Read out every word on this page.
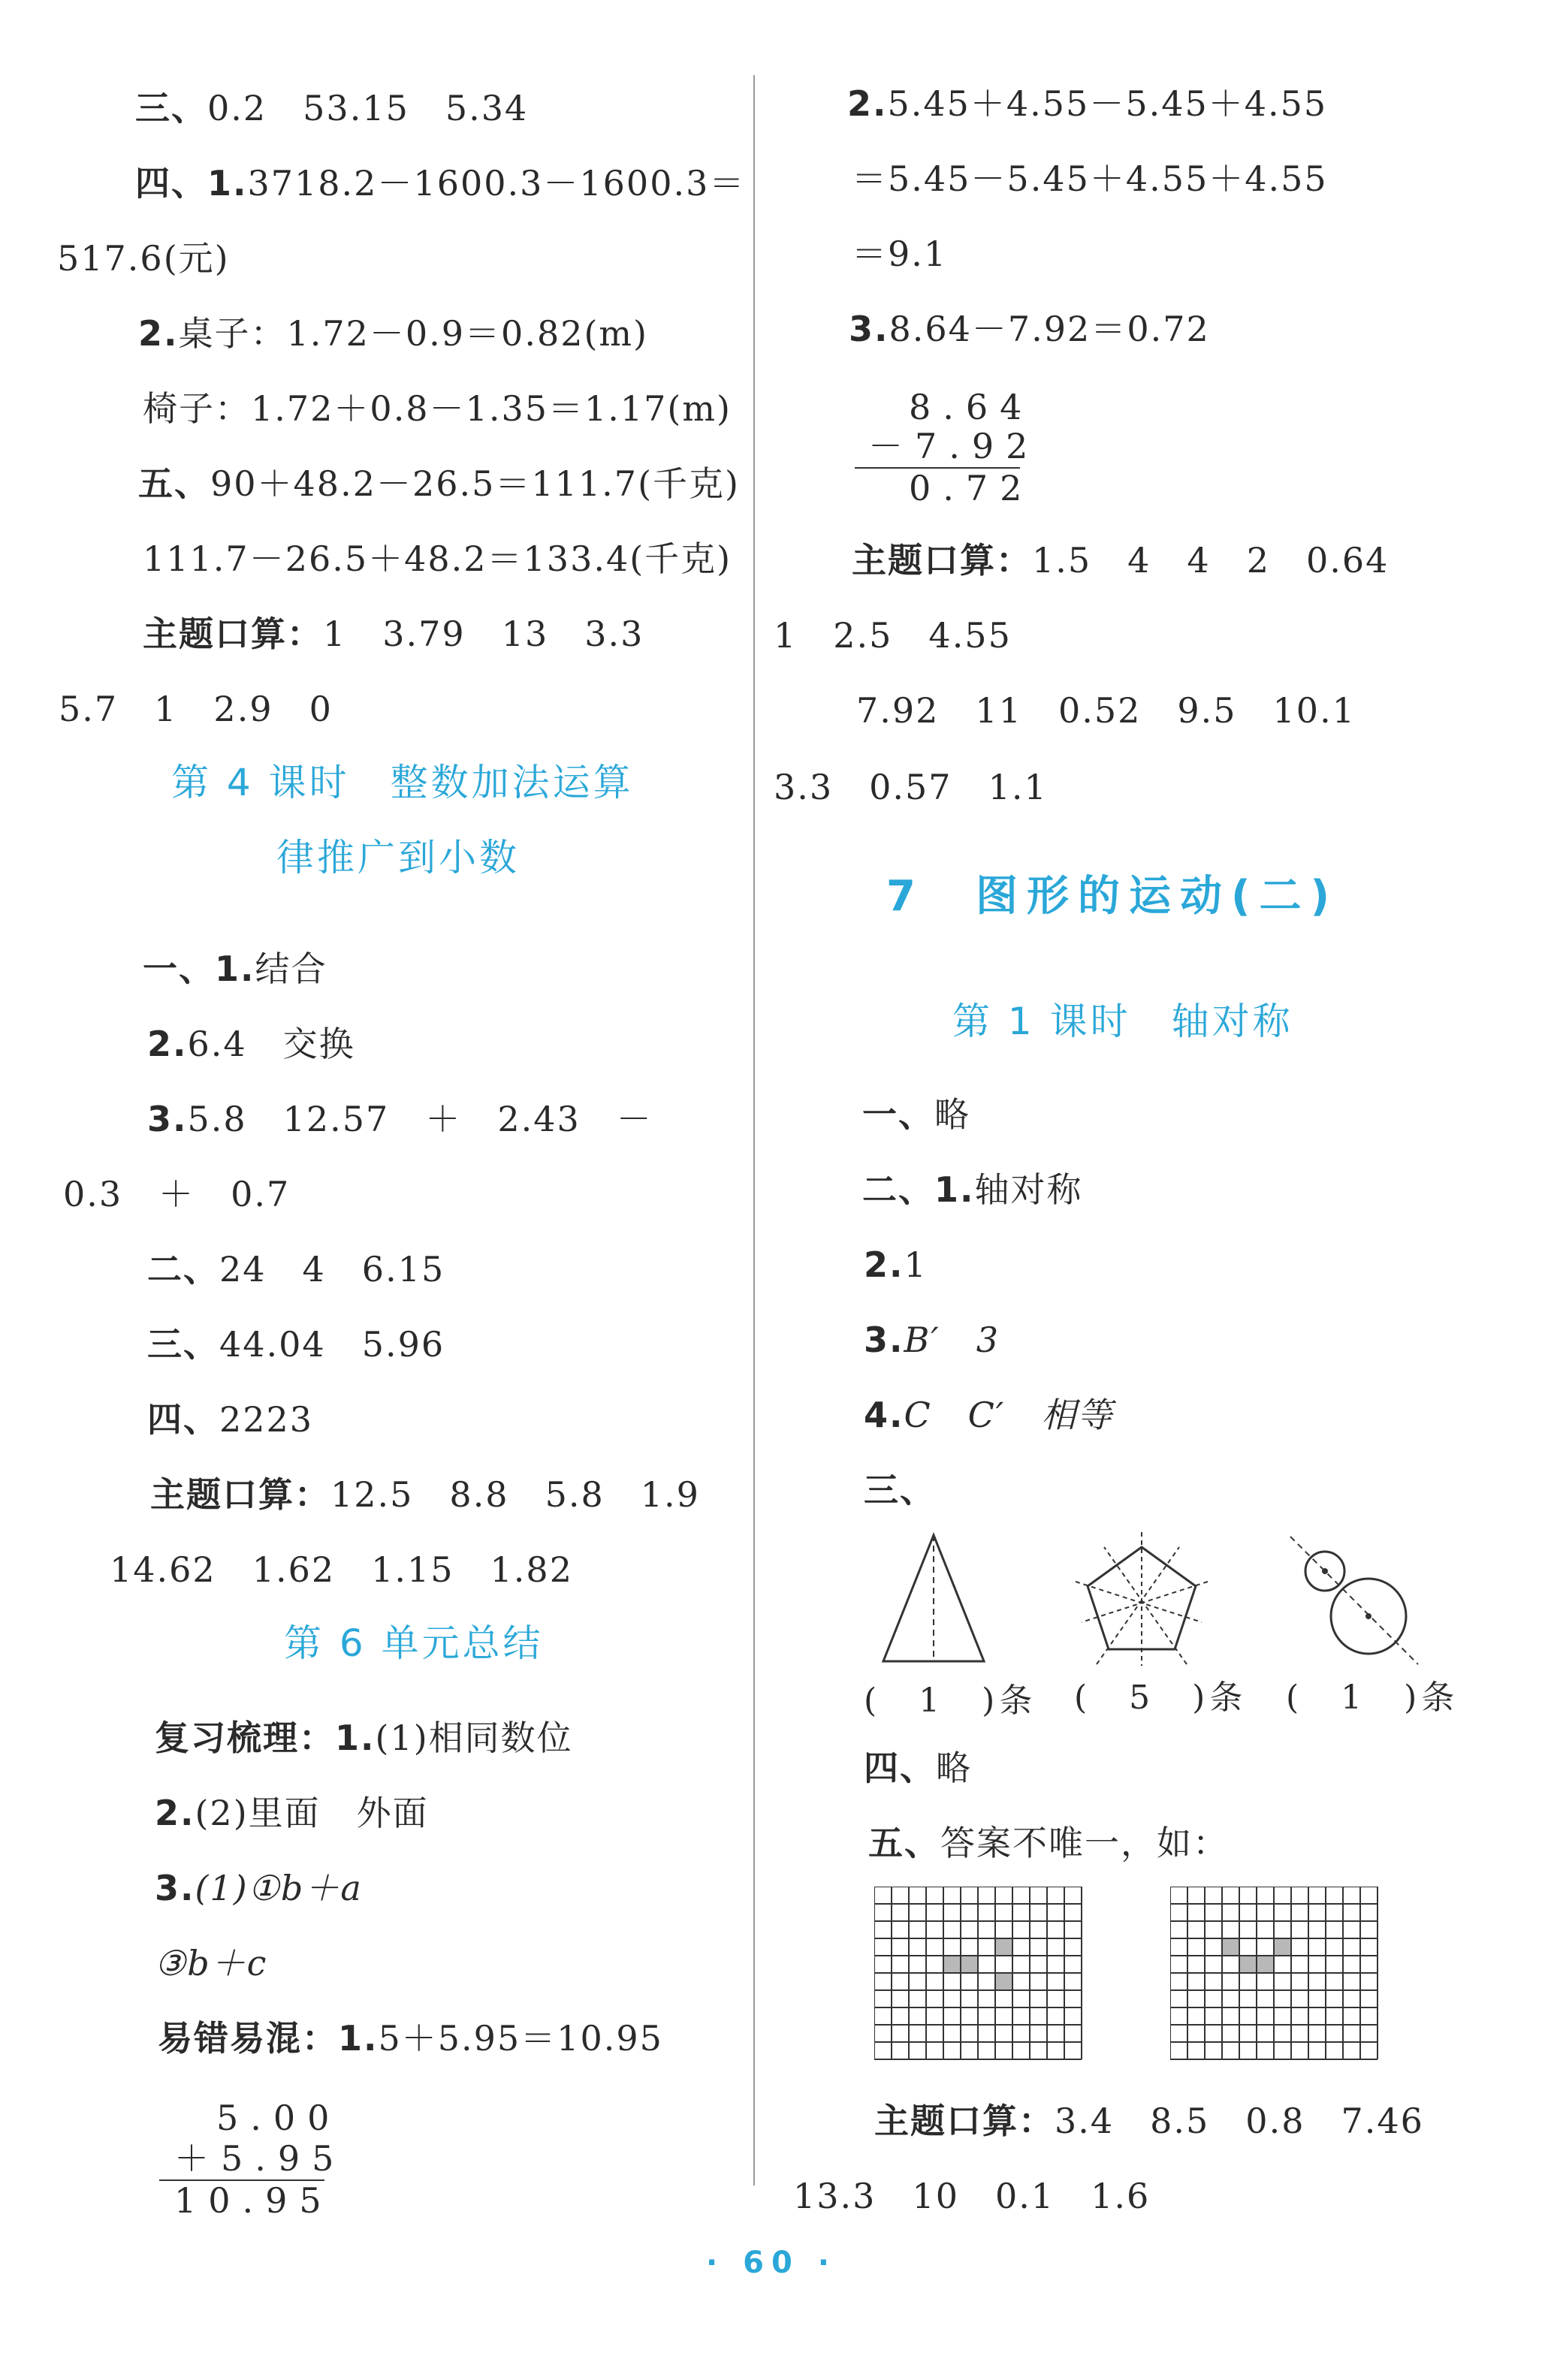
三、0.2　53.15　5.34
四、1.3718.2－1600.3－1600.3＝
517.6(元)
2.桌子：1.72－0.9＝0.82(m)
椅子：1.72＋0.8－1.35＝1.17(m)
五、90＋48.2－26.5＝111.7(千克)
111.7－26.5＋48.2＝133.4(千克)
主题口算：1　3.79　13　3.3
5.7　1　2.9　0
第 4 课时　整数加法运算
律推广到小数
一、1.结合
2.6.4　交换
3.5.8　12.57　＋　2.43　－
0.3　＋　0.7
二、24　4　6.15
三、44.04　5.96
四、2223
主题口算：12.5　8.8　5.8　1.9
14.62　1.62　1.15　1.82
第 6 单元总结
复习梳理：1.(1)相同数位
2.(2)里面　外面
3.(1)①b＋a
③b＋c
易错易混：1.5＋5.95＝10.95
5.00
＋5.95
10.95
2.5.45＋4.55－5.45＋4.55
＝5.45－5.45＋4.55＋4.55
＝9.1
3.8.64－7.92＝0.72
8.64
－7.92
0.72
主题口算：1.5　4　4　2　0.64
1　2.5　4.55
7.92　11　0.52　9.5　10.1
3.3　0.57　1.1
7　图形的运动(二)
第 1 课时　轴对称
一、略
二、1.轴对称
2.1
3.B′　3
4.C　C′　相等
三、
(　1　)条 (　5　)条 (　1　)条
四、略
五、答案不唯一，如：
主题口算：3.4　8.5　0.8　7.46
13.3　10　0.1　1.6
· 60 ·
